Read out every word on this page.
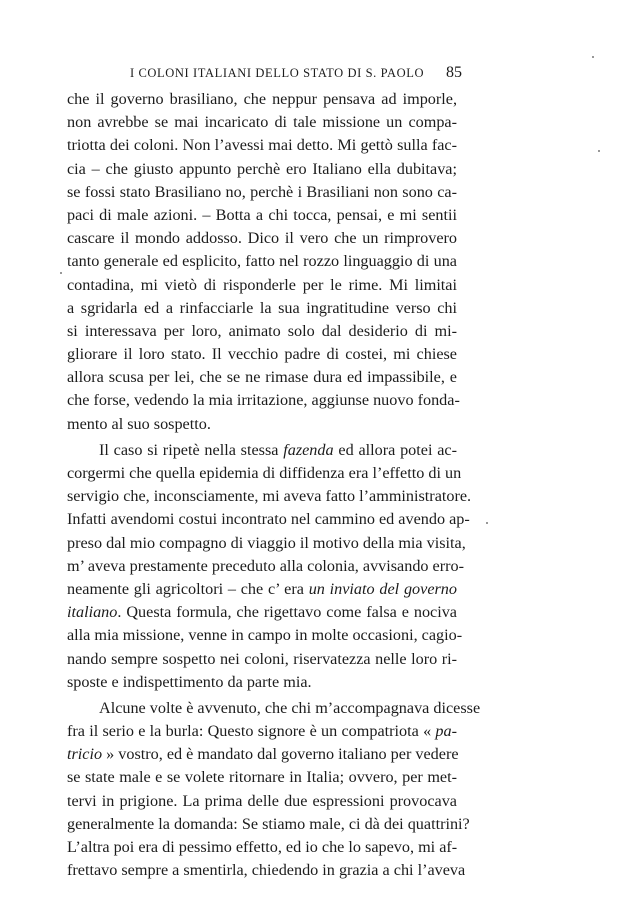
I COLONI ITALIANI DELLO STATO DI S. PAOLO 85
che il governo brasiliano, che neppur pensava ad imporle,
non avrebbe se mai incaricato di tale missione un compa-
triotta dei coloni. Non l’avessi mai detto. Mi gettò sulla fac-
cia – che giusto appunto perchè ero Italiano ella dubitava;
se fossi stato Brasiliano no, perchè i Brasiliani non sono ca-
paci di male azioni. – Botta a chi tocca, pensai, e mi sentii
cascare il mondo addosso. Dico il vero che un rimprovero
tanto generale ed esplicito, fatto nel rozzo linguaggio di una
contadina, mi vietò di risponderle per le rime. Mi limitai
a sgridarla ed a rinfacciarle la sua ingratitudine verso chi
si interessava per loro, animato solo dal desiderio di mi-
gliorare il loro stato. Il vecchio padre di costei, mi chiese
allora scusa per lei, che se ne rimase dura ed impassibile, e
che forse, vedendo la mia irritazione, aggiunse nuovo fonda-
mento al suo sospetto.
Il caso si ripetè nella stessa fazenda ed allora potei ac-
corgermi che quella epidemia di diffidenza era l’effetto di un
servigio che, inconsciamente, mi aveva fatto l’amministratore.
Infatti avendomi costui incontrato nel cammino ed avendo ap-
preso dal mio compagno di viaggio il motivo della mia visita,
m’ aveva prestamente preceduto alla colonia, avvisando erro-
neamente gli agricoltori – che c’ era un inviato del governo
italiano. Questa formula, che rigettavo come falsa e nociva
alla mia missione, venne in campo in molte occasioni, cagio-
nando sempre sospetto nei coloni, riservatezza nelle loro ri-
sposte e indispettimento da parte mia.
Alcune volte è avvenuto, che chi m’accompagnava dicesse
fra il serio e la burla: Questo signore è un compatriota « pa-
tricio » vostro, ed è mandato dal governo italiano per vedere
se state male e se volete ritornare in Italia; ovvero, per met-
tervi in prigione. La prima delle due espressioni provocava
generalmente la domanda: Se stiamo male, ci dà dei quattrini?
L’altra poi era di pessimo effetto, ed io che lo sapevo, mi af-
frettavo sempre a smentirla, chiedendo in grazia a chi l’aveva
